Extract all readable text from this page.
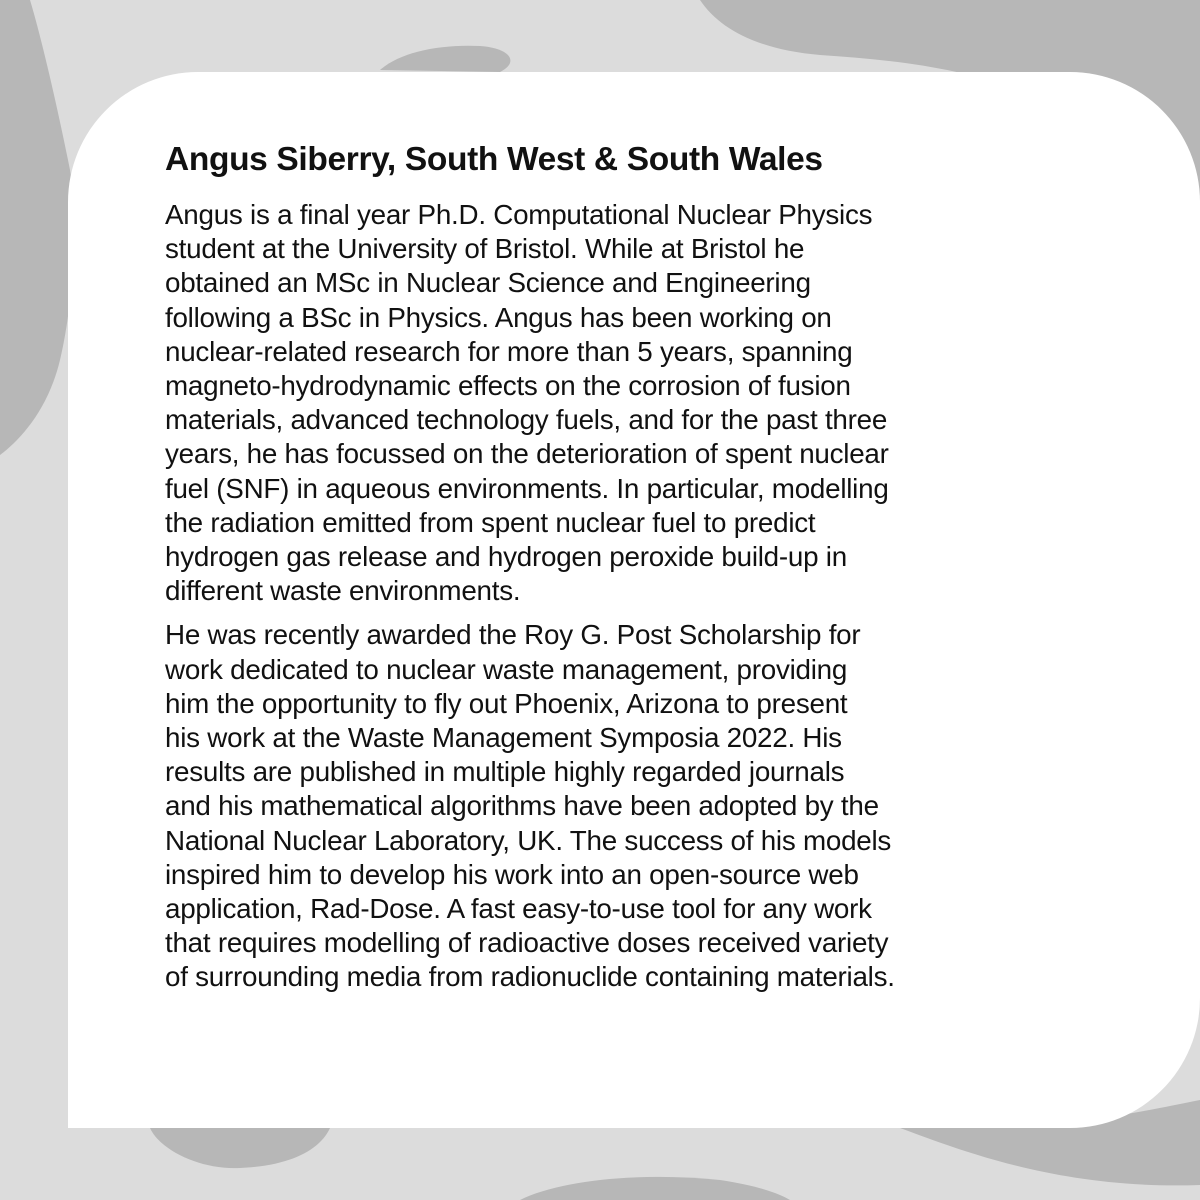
Angus Siberry, South West & South Wales

Angus is a final year Ph.D. Computational Nuclear Physics
student at the University of Bristol. While at Bristol he
obtained an MSc in Nuclear Science and Engineering
following a BSc in Physics. Angus has been working on
nuclear-related research for more than 5 years, spanning
magneto-hydrodynamic effects on the corrosion of fusion
materials, advanced technology fuels, and for the past three
years, he has focussed on the deterioration of spent nuclear
fuel (SNF) in aqueous environments. In particular, modelling
the radiation emitted from spent nuclear fuel to predict
hydrogen gas release and hydrogen peroxide build-up in
different waste environments.

He was recently awarded the Roy G. Post Scholarship for
work dedicated to nuclear waste management, providing
him the opportunity to fly out Phoenix, Arizona to present
his work at the Waste Management Symposia 2022. His
results are published in multiple highly regarded journals
and his mathematical algorithms have been adopted by the
National Nuclear Laboratory, UK. The success of his models
inspired him to develop his work into an open-source web
application, Rad-Dose. A fast easy-to-use tool for any work
that requires modelling of radioactive doses received variety
of surrounding media from radionuclide containing materials.
